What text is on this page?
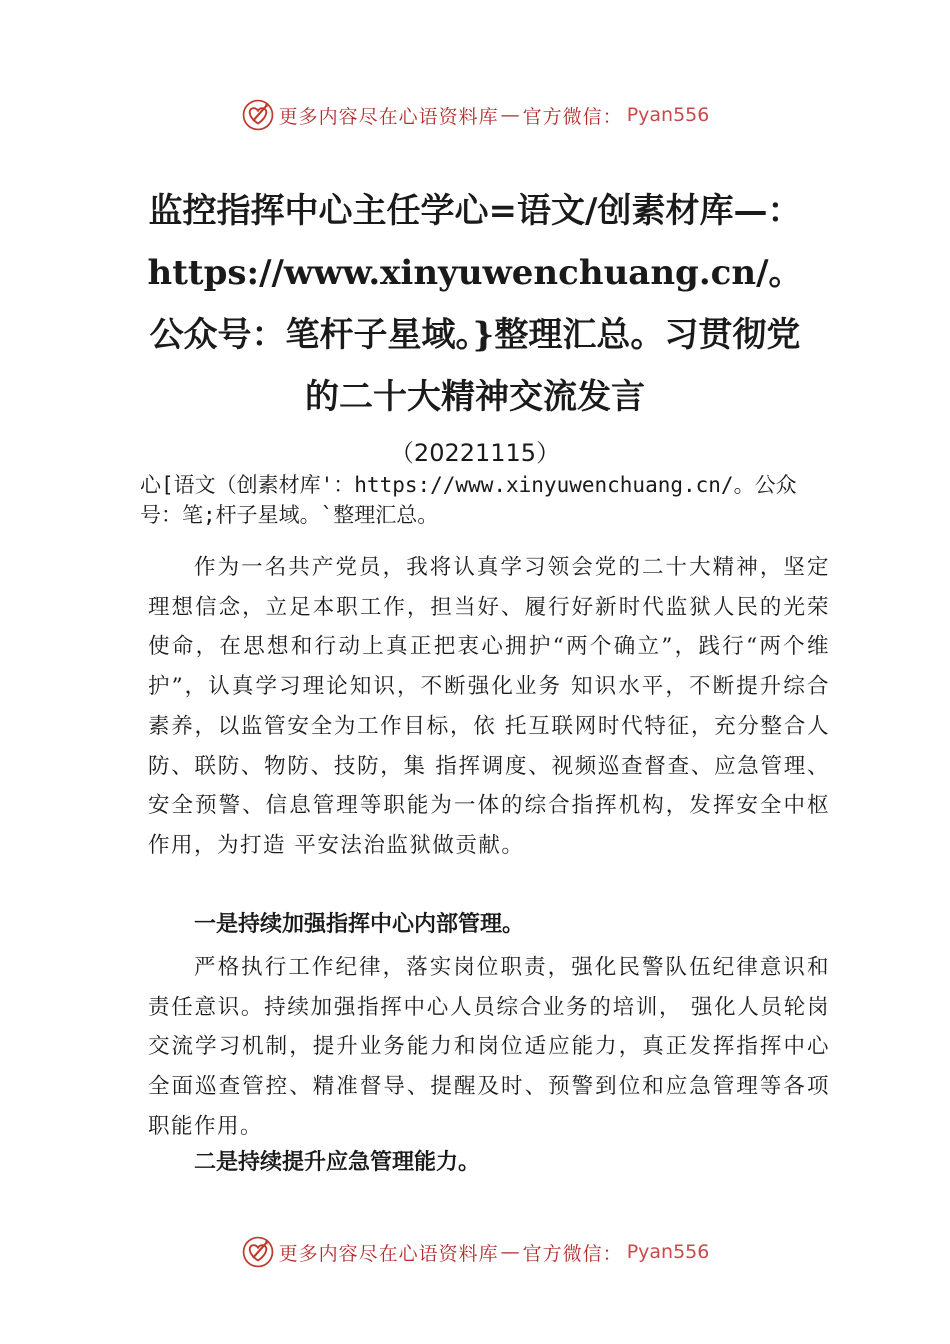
更多内容尽在心语资料库 — 官方微信： Pyan556
监控指挥中心主任学心=语文/创素材库—：https://www.xinyuwenchuang.cn/。公众号：笔杆子星域。}整理汇总。习贯彻党的二十大精神交流发言
（20221115）

心[语文（创素材库'：https://www.xinyuwenchuang.cn/。公众号：笔;杆子星域。`整理汇总。

作为一名共产党员，我将认真学习领会党的二十大精神，坚定理想信念，立足本职工作，担当好、履行好新时代监狱人民的光荣使命，在思想和行动上真正把衷心拥护“两个确立”，践行“两个维护”，认真学习理论知识，不断强化业务 知识水平，不断提升综合素养，以监管安全为工作目标，依 托互联网时代特征，充分整合人防、联防、物防、技防，集 指挥调度、视频巡查督查、应急管理、安全预警、信息管理等职能为一体的综合指挥机构，发挥安全中枢作用，为打造 平安法治监狱做贡献。

一是持续加强指挥中心内部管理。

严格执行工作纪律，落实岗位职责，强化民警队伍纪律意识和责任意识。持续加强指挥中心人员综合业务的培训， 强化人员轮岗交流学习机制，提升业务能力和岗位适应能力，真正发挥指挥中心全面巡查管控、精准督导、提醒及时、预警到位和应急管理等各项职能作用。

二是持续提升应急管理能力。

更多内容尽在心语资料库 — 官方微信： Pyan556
